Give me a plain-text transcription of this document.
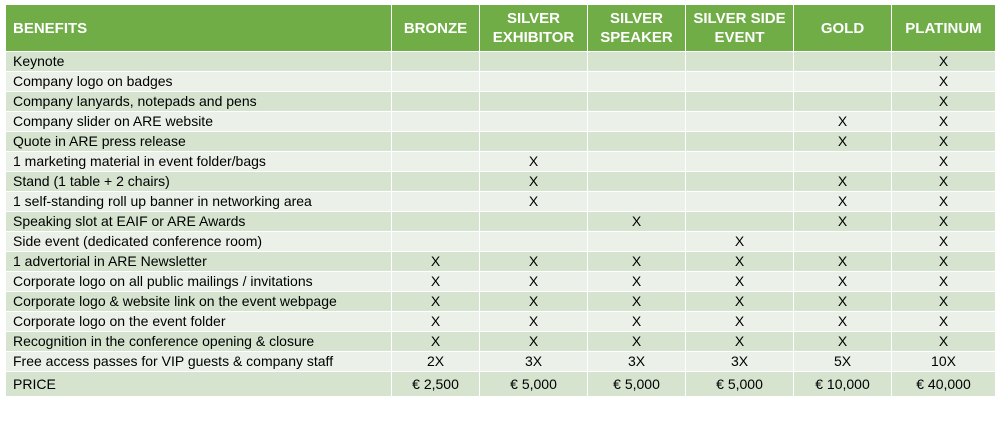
BENEFITS	BRONZE	SILVER EXHIBITOR	SILVER SPEAKER	SILVER SIDE EVENT	GOLD	PLATINUM
Keynote						X
Company logo on badges						X
Company lanyards, notepads and pens						X
Company slider on ARE website					X	X
Quote in ARE press release					X	X
1 marketing material in event folder/bags		X				X
Stand (1 table + 2 chairs)		X			X	X
1 self-standing roll up banner in networking area		X			X	X
Speaking slot at EAIF or ARE Awards			X		X	X
Side event (dedicated conference room)				X		X
1 advertorial in ARE Newsletter	X	X	X	X	X	X
Corporate logo on all public mailings / invitations	X	X	X	X	X	X
Corporate logo & website link on the event webpage	X	X	X	X	X	X
Corporate logo on the event folder	X	X	X	X	X	X
Recognition in the conference opening & closure	X	X	X	X	X	X
Free access passes for VIP guests & company staff	2X	3X	3X	3X	5X	10X
PRICE	€ 2,500	€ 5,000	€ 5,000	€ 5,000	€ 10,000	€ 40,000
